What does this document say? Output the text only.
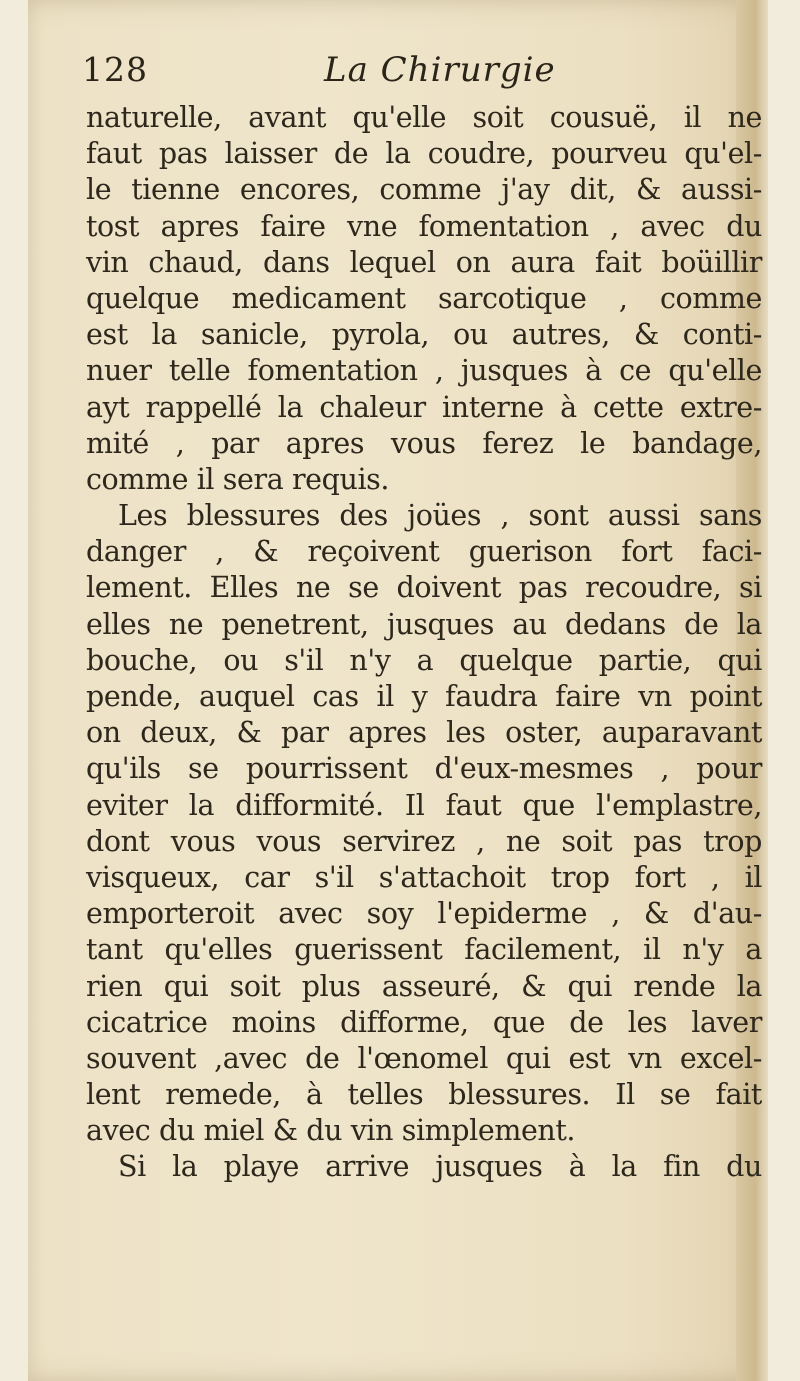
128	La Chirurgie
naturelle, avant qu'elle soit cousuë, il ne
faut pas laisser de la coudre, pourveu qu'el-
le tienne encores, comme j'ay dit, & aussi-
tost apres faire vne fomentation , avec du
vin chaud, dans lequel on aura fait boüillir
quelque medicament sarcotique , comme
est la sanicle, pyrola, ou autres, & conti-
nuer telle fomentation , jusques à ce qu'elle
ayt rappellé la chaleur interne à cette extre-
mité , par apres vous ferez le bandage,
comme il sera requis.
Les blessures des joües , sont aussi sans
danger , & reçoivent guerison fort faci-
lement. Elles ne se doivent pas recoudre, si
elles ne penetrent, jusques au dedans de la
bouche, ou s'il n'y a quelque partie, qui
pende, auquel cas il y faudra faire vn point
on deux, & par apres les oster, auparavant
qu'ils se pourrissent d'eux-mesmes , pour
eviter la difformité. Il faut que l'emplastre,
dont vous vous servirez , ne soit pas trop
visqueux, car s'il s'attachoit trop fort , il
emporteroit avec soy l'epiderme , & d'au-
tant qu'elles guerissent facilement, il n'y a
rien qui soit plus asseuré, & qui rende la
cicatrice moins difforme, que de les laver
souvent ,avec de l'œnomel qui est vn excel-
lent remede, à telles blessures. Il se fait
avec du miel & du vin simplement.
Si la playe arrive jusques à la fin du
